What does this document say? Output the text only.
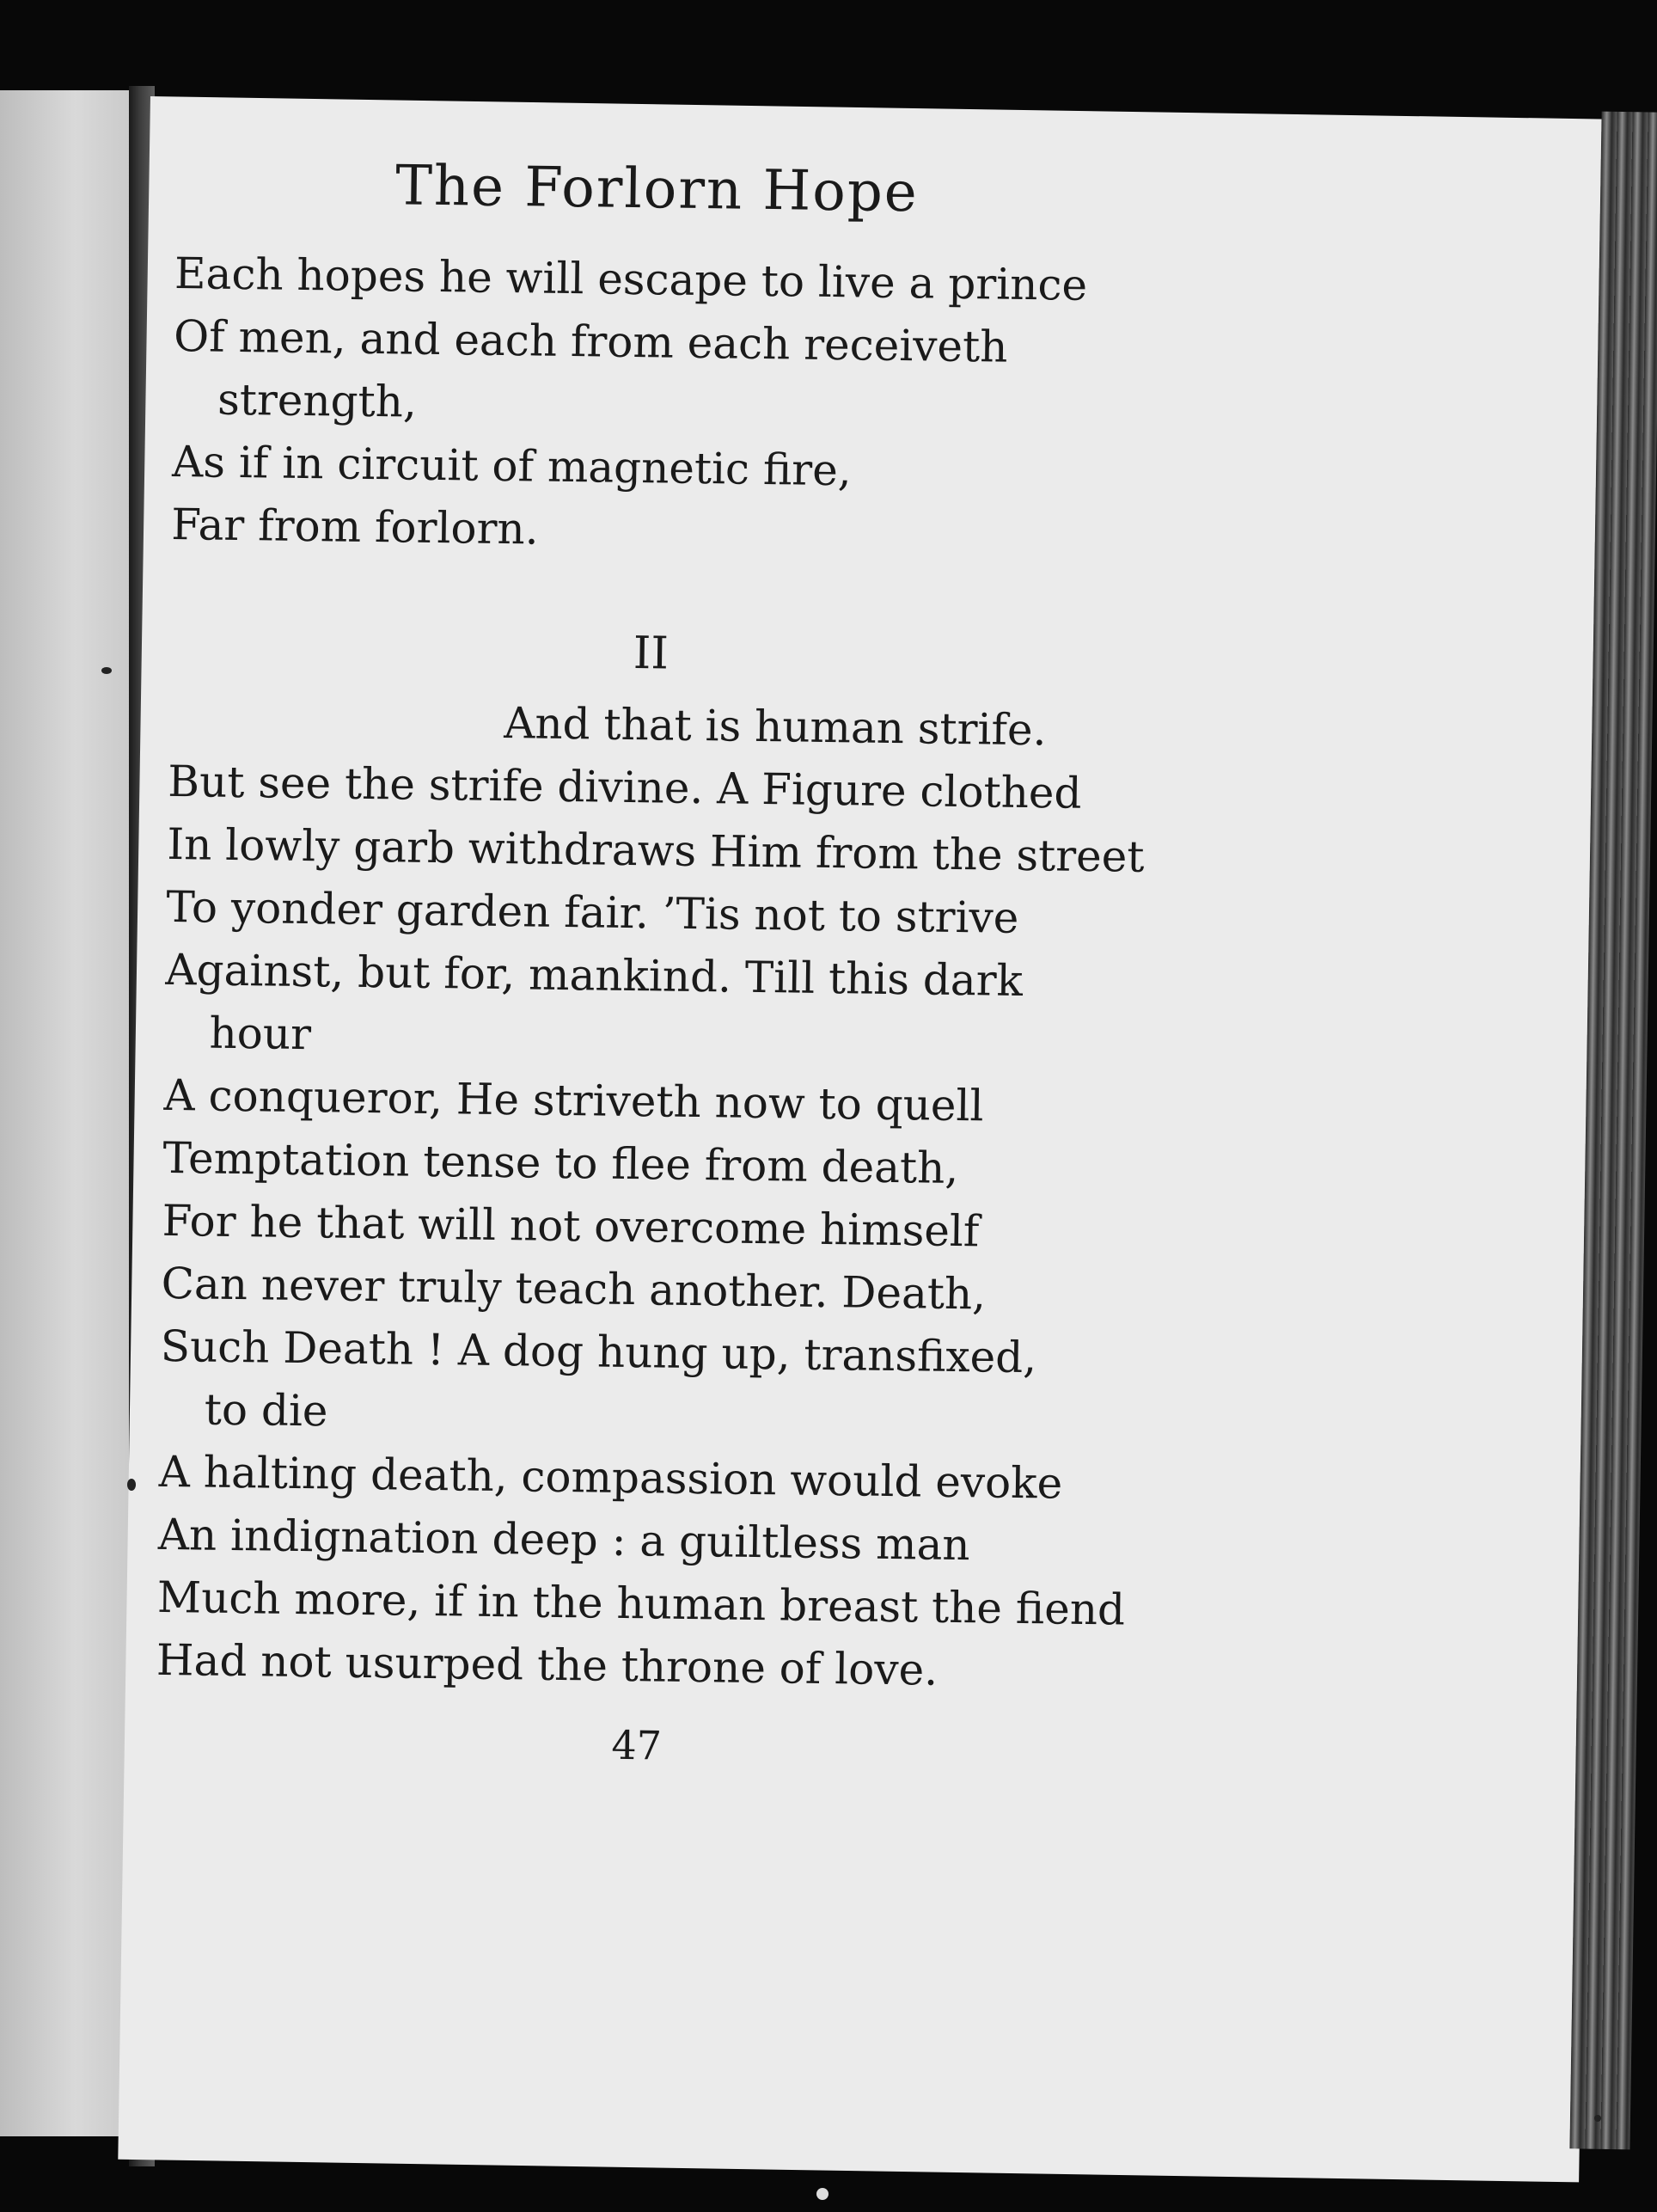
The Forlorn Hope
Each hopes he will escape to live a prince
Of men, and each from each receiveth
strength,
As if in circuit of magnetic fire,
Far from forlorn.
II
And that is human strife.
But see the strife divine. A Figure clothed
In lowly garb withdraws Him from the street
To yonder garden fair. ’Tis not to strive
Against, but for, mankind. Till this dark
hour
A conqueror, He striveth now to quell
Temptation tense to flee from death,
For he that will not overcome himself
Can never truly teach another. Death,
Such Death ! A dog hung up, transfixed,
to die
A halting death, compassion would evoke
An indignation deep : a guiltless man
Much more, if in the human breast the fiend
Had not usurped the throne of love.
47
